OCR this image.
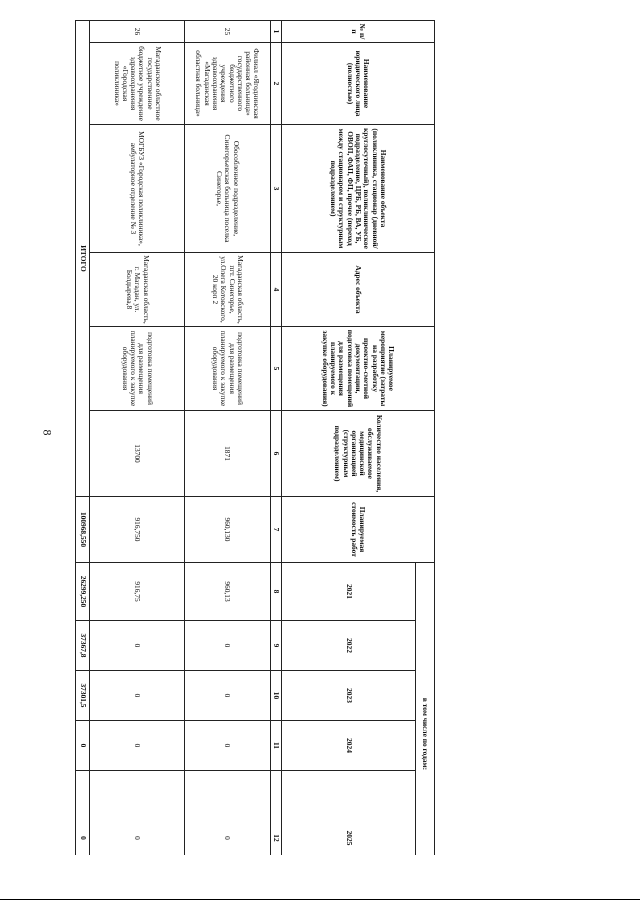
8
№ п/п	Наименование юридического лица (полностью)	Наименование объекта (поликлиника, стационар (дневной/круглосуточный), поликлиническое подразделение, ЦРБ, РБ, ВА, УБ, ОВОП, ФАП, ФП, прочее (переход между стационаром и структурным подразделением)	Адрес объекта	Планируемое мероприятие (затраты на разработку проектно-сметной документации, подготовка помещений для размещения планируемого к закупке оборудования)	Количество населения, обслуживаемое медицинской организацией (структурным подразделением)	Планируемая стоимость работ	в том числе по годам:				
							2021	2022	2023	2024	2025
1	2	3	4	5	6	7	8	9	10	11	12
25	Филиал «Ягоднинская районная больница» государственного бюджетного учреждения здравоохранения «Магаданская областная больница»	Обособленное подразделение, Синегорьевская больница поселка Синегорье,	Магаданская область, пгт. Синегорье, ул.Олега Котовского, 20 корп 2	подготовка помещений для размещения планируемого к закупке оборудования	1871	960,130	960,13	0	0	0	0
26	Магаданское областное государственное бюджетное учреждение здравоохранения «Городская поликлиника»	МОГБУЗ «Городская поликлиника», амбулаторное отделение № 3	Магаданская область, г. Магадан, ул. Болдырева,8	подготовка помещений для размещения планируемого к закупке оборудования	13700	916,750	916,75	0	0	0	0
ИТОГО						100968,550	26299,250	37367,8	37301,5	0	0
